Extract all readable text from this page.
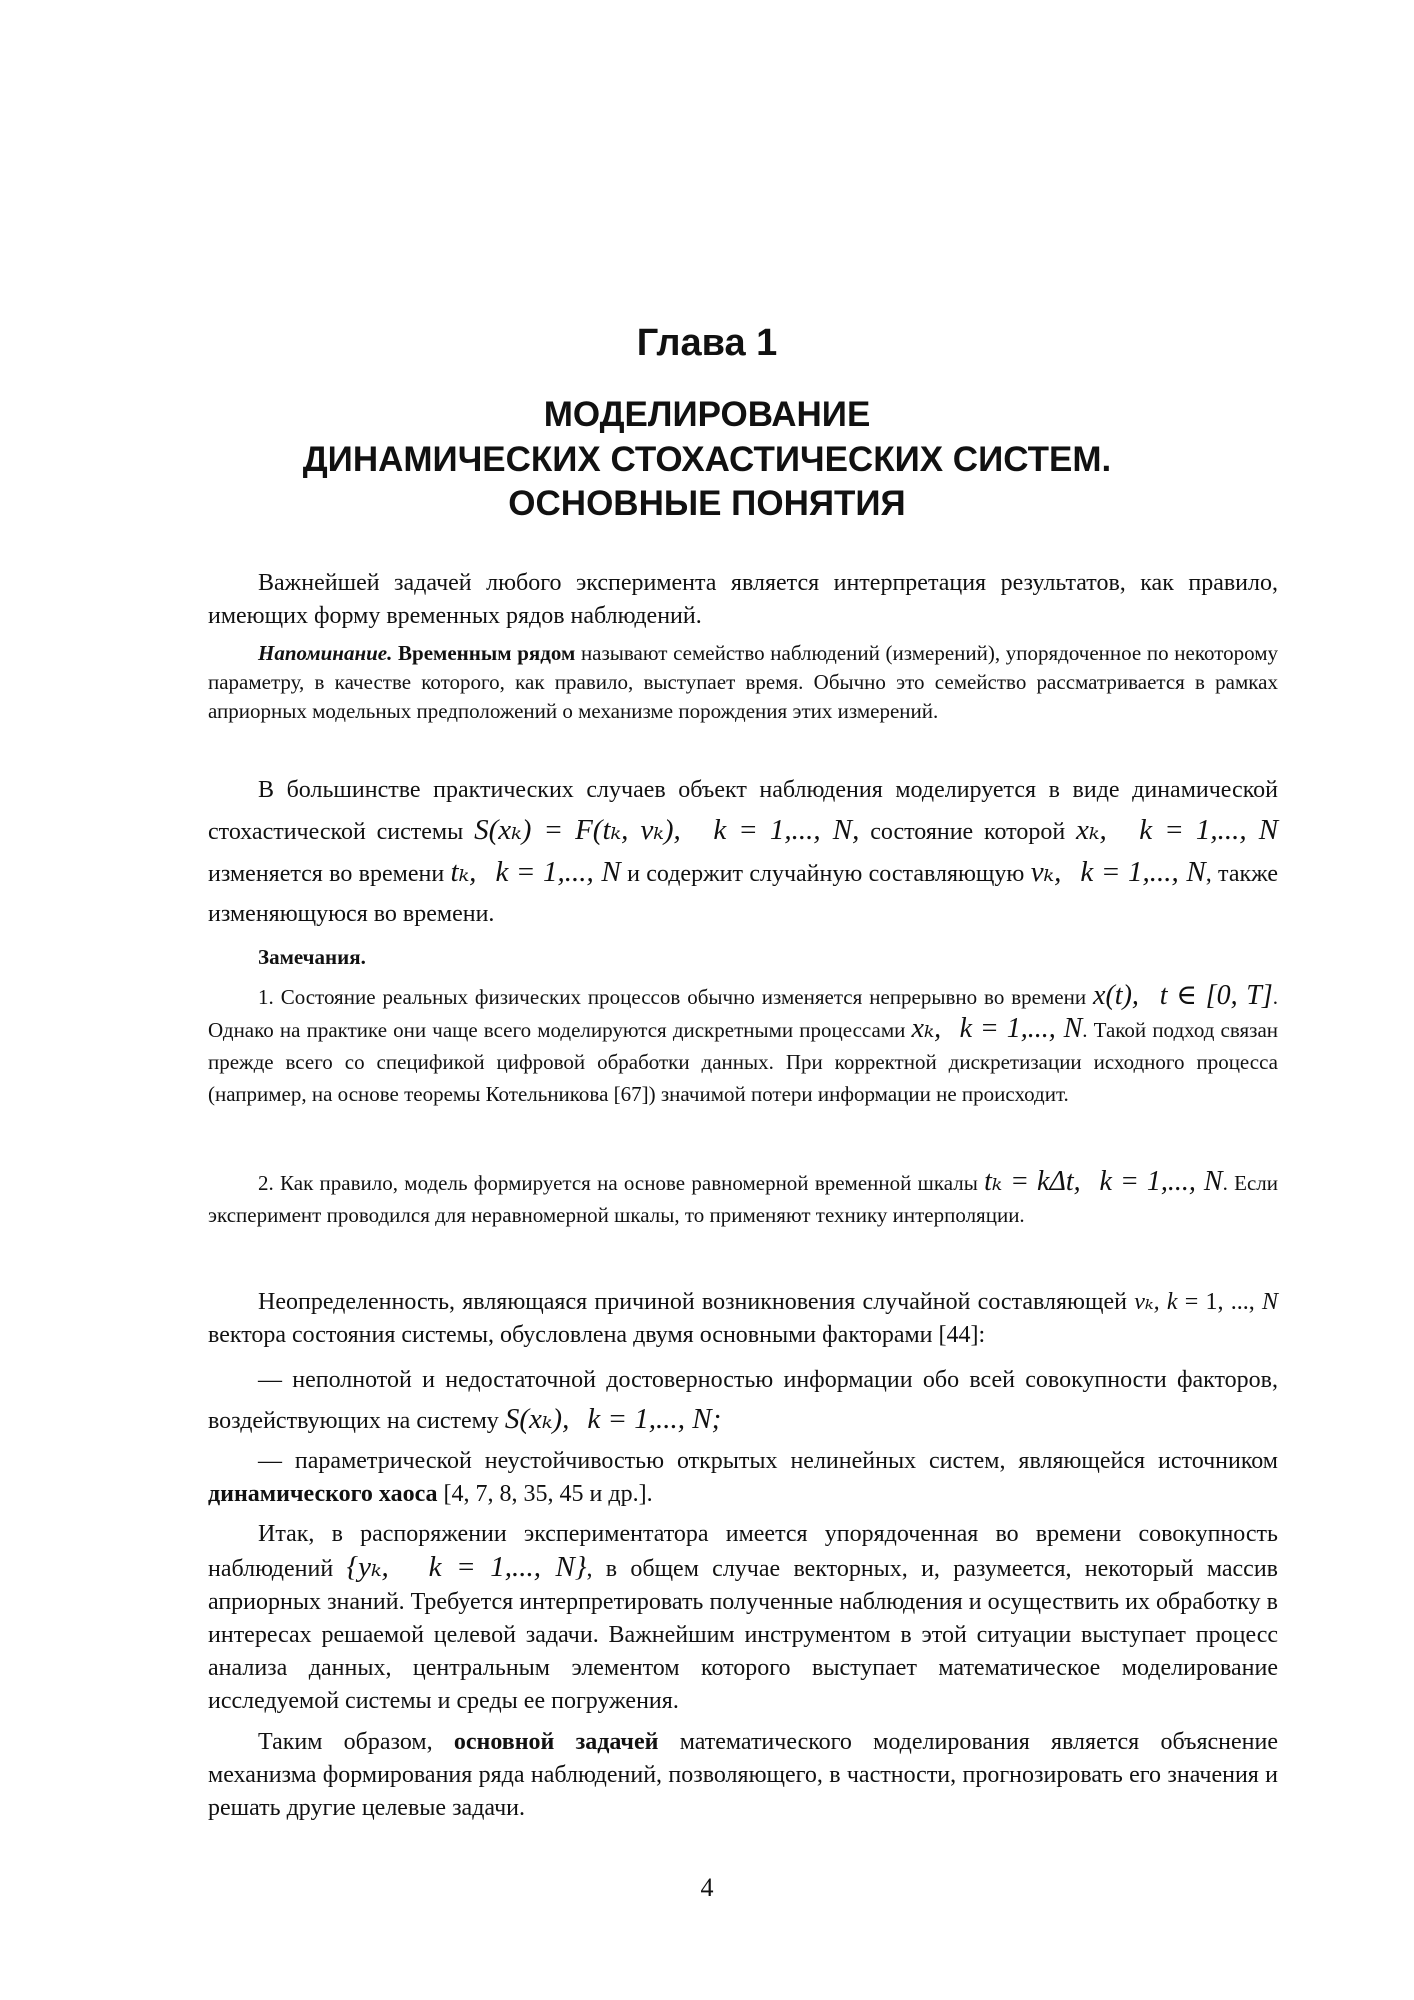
Глава 1
МОДЕЛИРОВАНИЕ
ДИНАМИЧЕСКИХ СТОХАСТИЧЕСКИХ СИСТЕМ.
ОСНОВНЫЕ ПОНЯТИЯ

Важнейшей задачей любого эксперимента является интерпретация результатов, как правило, имеющих форму временных рядов наблюдений.

Напоминание. Временным рядом называют семейство наблюдений (измерений), упорядоченное по некоторому параметру, в качестве которого, как правило, выступает время. Обычно это семейство рассматривается в рамках априорных модельных предположений о механизме порождения этих измерений.

В большинстве практических случаев объект наблюдения моделируется в виде динамической стохастической системы S(xₖ) = F(tₖ, vₖ), k = 1,..., N, состояние которой xₖ, k = 1,..., N изменяется во времени tₖ, k = 1,..., N и содержит случайную составляющую vₖ, k = 1,..., N, также изменяющуюся во времени.

Замечания.

1. Состояние реальных физических процессов обычно изменяется непрерывно во времени x(t), t ∈ [0, T]. Однако на практике они чаще всего моделируются дискретными процессами xₖ, k = 1,..., N. Такой подход связан прежде всего со спецификой цифровой обработки данных. При корректной дискретизации исходного процесса (например, на основе теоремы Котельникова [67]) значимой потери информации не происходит.

2. Как правило, модель формируется на основе равномерной временной шкалы tₖ = kΔt, k = 1,..., N. Если эксперимент проводился для неравномерной шкалы, то применяют технику интерполяции.

Неопределенность, являющаяся причиной возникновения случайной составляющей vₖ, k = 1, ..., N вектора состояния системы, обусловлена двумя основными факторами [44]:

— неполнотой и недостаточной достоверностью информации обо всей совокупности факторов, воздействующих на систему S(xₖ), k = 1,..., N;

— параметрической неустойчивостью открытых нелинейных систем, являющейся источником динамического хаоса [4, 7, 8, 35, 45 и др.].

Итак, в распоряжении экспериментатора имеется упорядоченная во времени совокупность наблюдений {yₖ, k = 1,..., N}, в общем случае векторных, и, разумеется, некоторый массив априорных знаний. Требуется интерпретировать полученные наблюдения и осуществить их обработку в интересах решаемой целевой задачи. Важнейшим инструментом в этой ситуации выступает процесс анализа данных, центральным элементом которого выступает математическое моделирование исследуемой системы и среды ее погружения.

Таким образом, основной задачей математического моделирования является объяснение механизма формирования ряда наблюдений, позволяющего, в частности, прогнозировать его значения и решать другие целевые задачи.

4
